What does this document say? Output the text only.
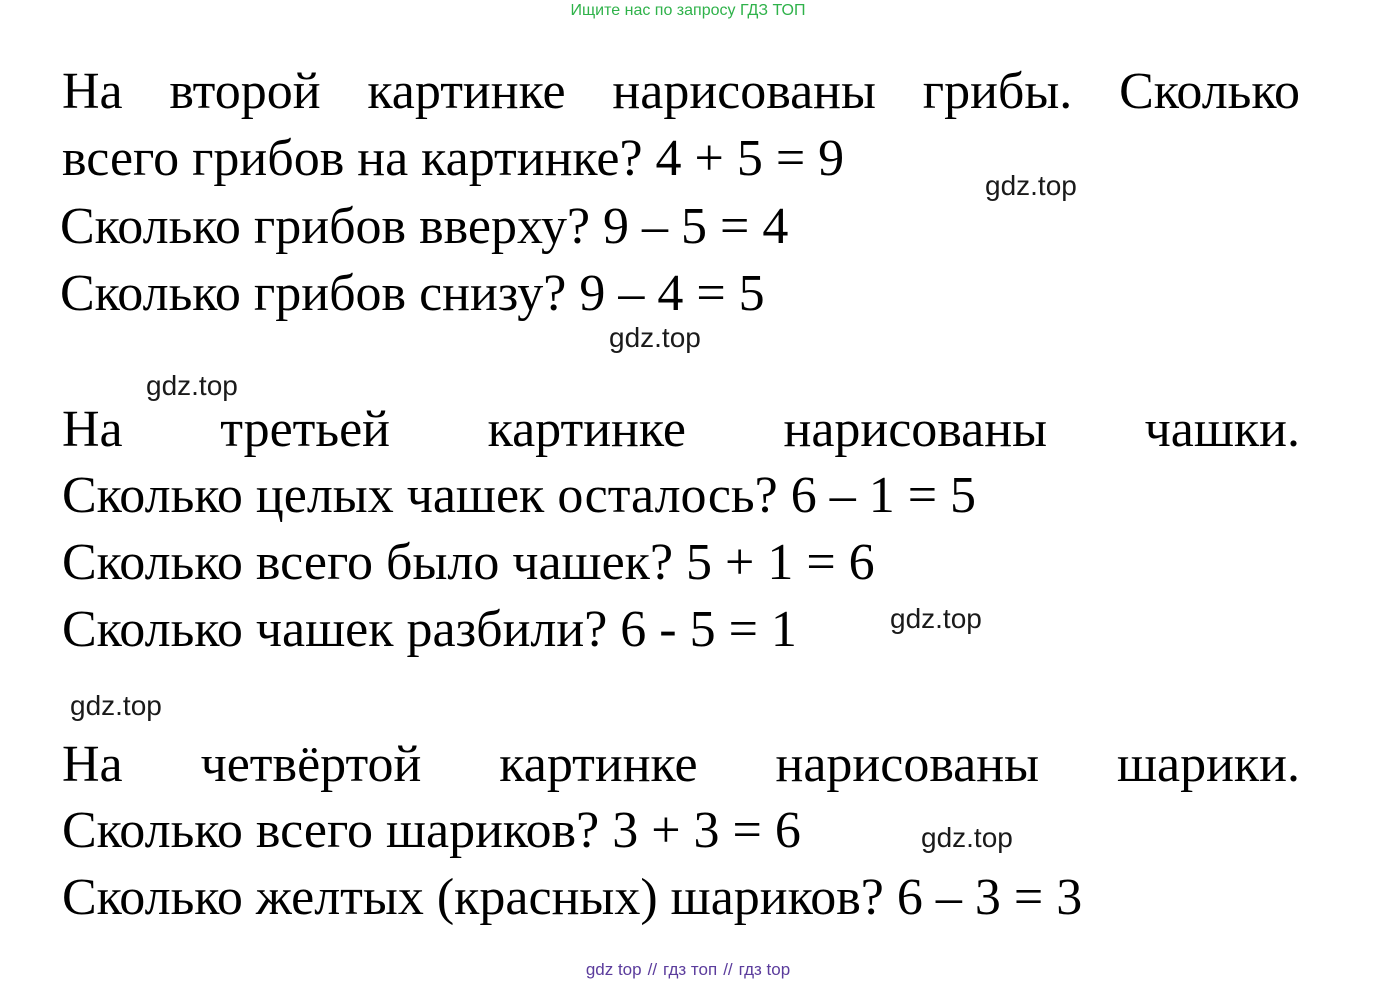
Ищите нас по запросу ГДЗ ТОП
На второй картинке нарисованы грибы. Сколько
всего грибов на картинке? 4 + 5 = 9
Сколько грибов вверху? 9 – 5 = 4
Сколько грибов снизу? 9 – 4 = 5
gdz.top
gdz.top
gdz.top
На третьей картинке нарисованы чашки.
Сколько целых чашек осталось? 6 – 1 = 5
Сколько всего было чашек? 5 + 1 = 6
Сколько чашек разбили? 6 - 5 = 1	gdz.top
gdz.top
На четвёртой картинке нарисованы шарики.
Сколько всего шариков? 3 + 3 = 6
Сколько желтых (красных) шариков? 6 – 3 = 3
gdz.top
gdz top // гдз топ // гдз top
